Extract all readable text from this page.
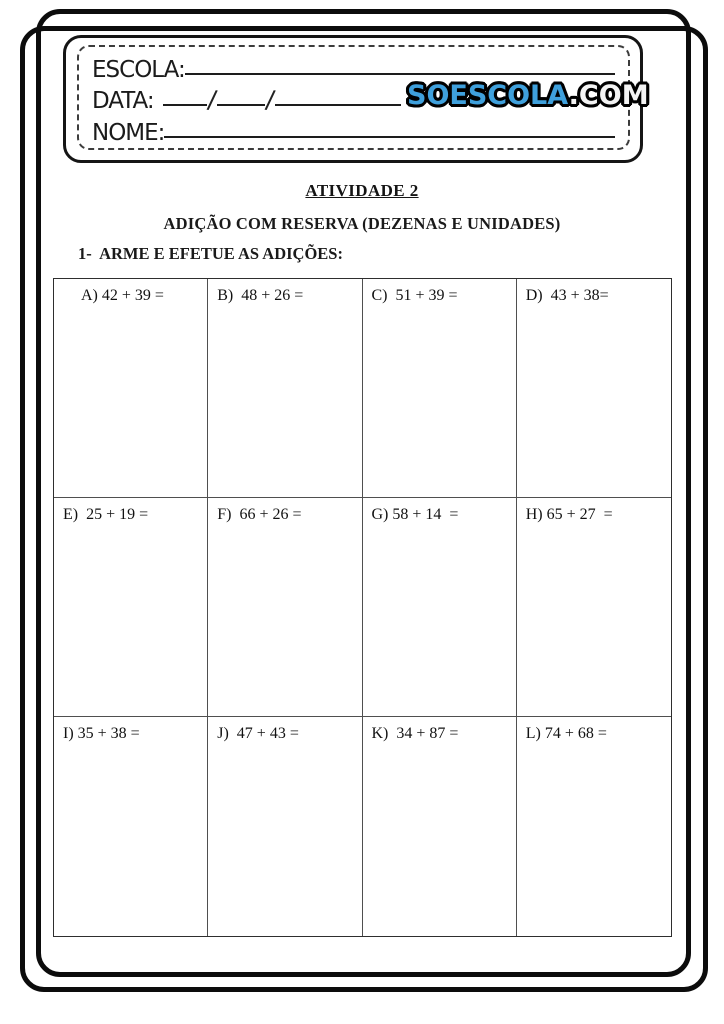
ESCOLA:
DATA: / /
NOME:
SOESCOLA.COM
ATIVIDADE 2
ADIÇÃO COM RESERVA (DEZENAS E UNIDADES)
1-  ARME E EFETUE AS ADIÇÕES:
A) 42 + 39 =	B)  48 + 26 =	C)  51 + 39 =	D)  43 + 38=
E)  25 + 19 =	F)  66 + 26 =	G) 58 + 14  =	H) 65 + 27  =
I) 35 + 38 =	J)  47 + 43 =	K)  34 + 87 =	L) 74 + 68 =
